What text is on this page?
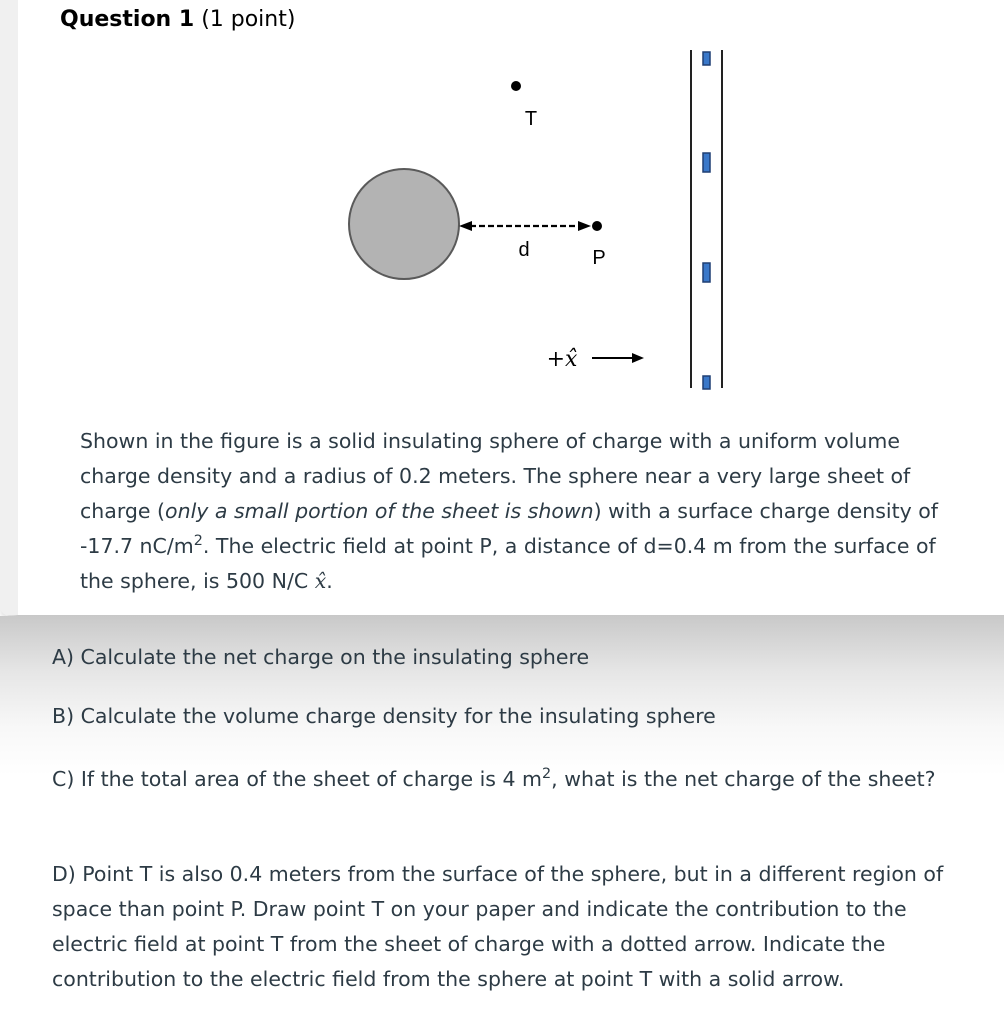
Question 1 (1 point)
T
d	P
+x̂
Shown in the figure is a solid insulating sphere of charge with a uniform volume charge density and a radius of 0.2 meters. The sphere near a very large sheet of charge (only a small portion of the sheet is shown) with a surface charge density of -17.7 $nC/m^2$. The electric field at point P, a distance of d=0.4 m from the surface of the sphere, is 500 N/C x̂.
A) Calculate the net charge on the insulating sphere
B) Calculate the volume charge density for the insulating sphere
C) If the total area of the sheet of charge is 4 $m^2$, what is the net charge of the sheet?
D) Point T is also 0.4 meters from the surface of the sphere, but in a different region of space than point P. Draw point T on your paper and indicate the contribution to the electric field at point T from the sheet of charge with a dotted arrow. Indicate the contribution to the electric field from the sphere at point T with a solid arrow.
